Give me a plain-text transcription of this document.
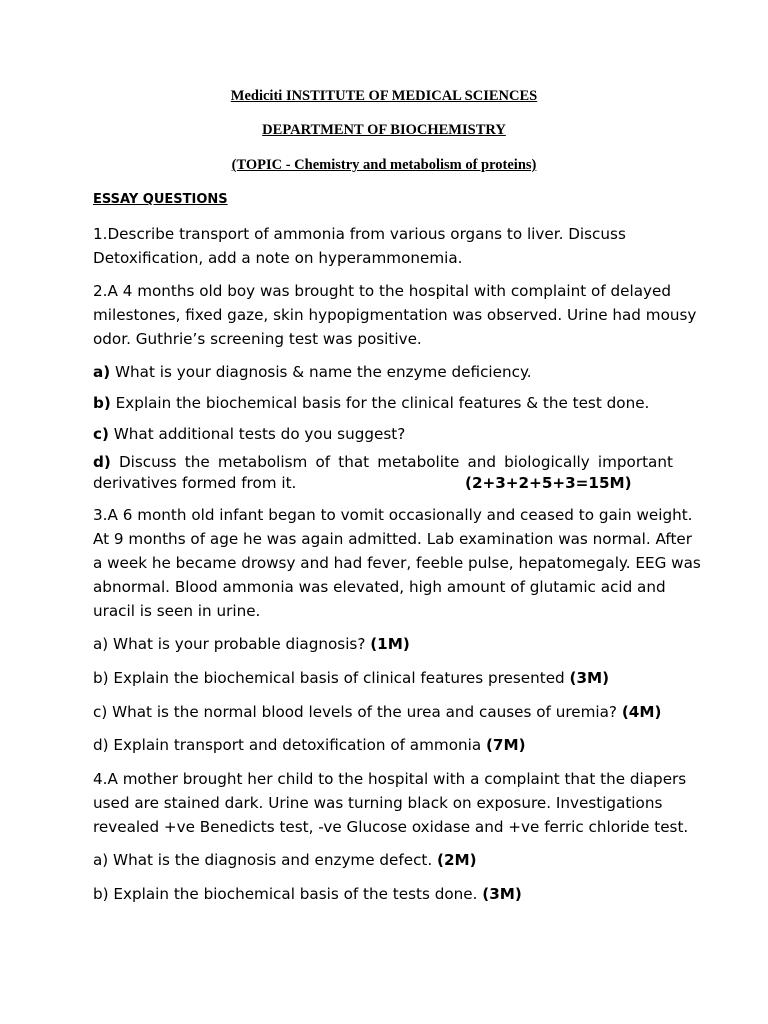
Mediciti INSTITUTE OF MEDICAL SCIENCES
DEPARTMENT OF BIOCHEMISTRY
(TOPIC - Chemistry and metabolism of proteins)
ESSAY QUESTIONS
1.Describe transport of ammonia from various organs to liver. Discuss
Detoxification, add a note on hyperammonemia.
2.A 4 months old boy was brought to the hospital with complaint of delayed
milestones, fixed gaze, skin hypopigmentation was observed. Urine had mousy
odor. Guthrie’s screening test was positive.
a) What is your diagnosis & name the enzyme deficiency.
b) Explain the biochemical basis for the clinical features & the test done.
c) What additional tests do you suggest?
d) Discuss the metabolism of that metabolite and biologically important
derivatives formed from it.	(2+3+2+5+3=15M)
3.A 6 month old infant began to vomit occasionally and ceased to gain weight.
At 9 months of age he was again admitted. Lab examination was normal. After
a week he became drowsy and had fever, feeble pulse, hepatomegaly. EEG was
abnormal. Blood ammonia was elevated, high amount of glutamic acid and
uracil is seen in urine.
a) What is your probable diagnosis? (1M)
b) Explain the biochemical basis of clinical features presented (3M)
c) What is the normal blood levels of the urea and causes of uremia? (4M)
d) Explain transport and detoxification of ammonia (7M)
4.A mother brought her child to the hospital with a complaint that the diapers
used are stained dark. Urine was turning black on exposure. Investigations
revealed +ve Benedicts test, -ve Glucose oxidase and +ve ferric chloride test.
a) What is the diagnosis and enzyme defect. (2M)
b) Explain the biochemical basis of the tests done. (3M)
